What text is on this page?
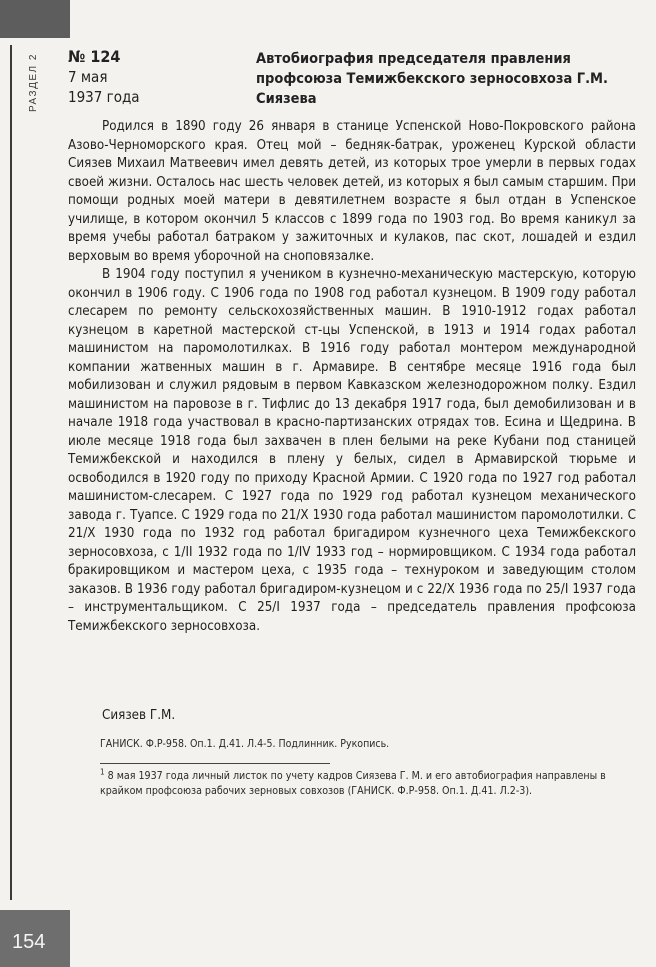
РАЗДЕЛ 2 № 124
7 мая
1937 года
Автобиография председателя правления профсоюза Темижбекского зерносовхоза Г.М. Сиязева

Родился в 1890 году 26 января в станице Успенской Ново-Покровского района Азово-Черноморского края. Отец мой – бедняк-батрак, уроженец Курской области Сиязев Михаил Матвеевич имел девять детей, из которых трое умерли в первых годах своей жизни. Осталось нас шесть человек детей, из которых я был самым старшим. При помощи родных моей матери в девятилетнем возрасте я был отдан в Успенское училище, в котором окончил 5 классов с 1899 года по 1903 год. Во время каникул за время учебы работал батраком у зажиточных и кулаков, пас скот, лошадей и ездил верховым во время уборочной на сноповязалке.

В 1904 году поступил я учеником в кузнечно-механическую мастерскую, которую окончил в 1906 году. С 1906 года по 1908 год работал кузнецом. В 1909 году работал слесарем по ремонту сельскохозяйственных машин. В 1910-1912 годах работал кузнецом в каретной мастерской ст-цы Успенской, в 1913 и 1914 годах работал машинистом на паромолотилках. В 1916 году работал монтером международной компании жатвенных машин в г. Армавире. В сентябре месяце 1916 года был мобилизован и служил рядовым в первом Кавказском железнодорожном полку. Ездил машинистом на паровозе в г. Тифлис до 13 декабря 1917 года, был демобилизован и в начале 1918 года участвовал в красно-партизанских отрядах тов. Есина и Щедрина. В июле месяце 1918 года был захвачен в плен белыми на реке Кубани под станицей Темижбекской и находился в плену у белых, сидел в Армавирской тюрьме и освободился в 1920 году по приходу Красной Армии. С 1920 года по 1927 год работал машинистом-слесарем. С 1927 года по 1929 год работал кузнецом механического завода г. Туапсе. С 1929 года по 21/X 1930 года работал машинистом паромолотилки. С 21/X 1930 года по 1932 год работал бригадиром кузнечного цеха Темижбекского зерносовхоза, с 1/II 1932 года по 1/IV 1933 год – нормировщиком. С 1934 года работал бракировщиком и мастером цеха, с 1935 года – технуроком и заведующим столом заказов. В 1936 году работал бригадиром-кузнецом и с 22/X 1936 года по 25/I 1937 года – инструментальщиком. С 25/I 1937 года – председатель правления профсоюза Темижбекского зерносовхоза.

Сиязев Г.М.
ГАНИСК. Ф.Р-958. Оп.1. Д.41. Л.4-5. Подлинник. Рукопись.
$^1$ 8 мая 1937 года личный листок по учету кадров Сиязева Г. М. и его автобиография направлены в крайком профсоюза рабочих зерновых совхозов (ГАНИСК. Ф.Р-958. Оп.1. Д.41. Л.2-3).
154
